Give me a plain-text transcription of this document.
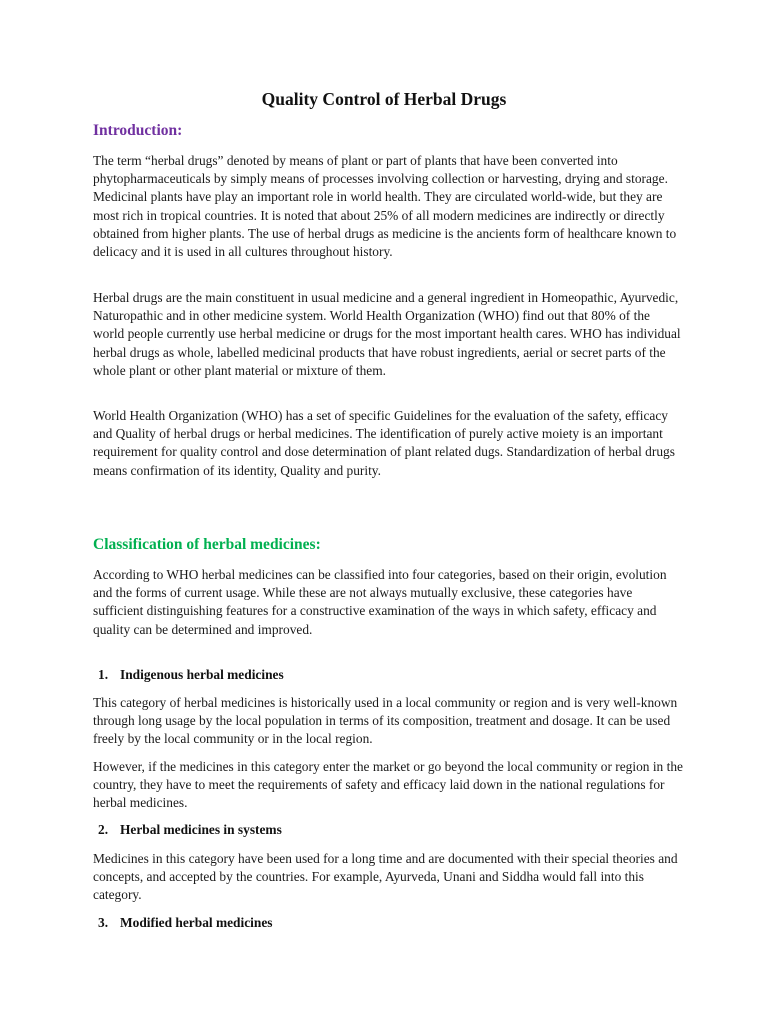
Quality Control of Herbal Drugs
Introduction:

The term “herbal drugs” denoted by means of plant or part of plants that have been converted into phytopharmaceuticals by simply means of processes involving collection or harvesting, drying and storage. Medicinal plants have play an important role in world health. They are circulated world-wide, but they are most rich in tropical countries. It is noted that about 25% of all modern medicines are indirectly or directly obtained from higher plants. The use of herbal drugs as medicine is the ancients form of healthcare known to delicacy and it is used in all cultures throughout history.

Herbal drugs are the main constituent in usual medicine and a general ingredient in Homeopathic, Ayurvedic, Naturopathic and in other medicine system. World Health Organization (WHO) find out that 80% of the world people currently use herbal medicine or drugs for the most important health cares. WHO has individual herbal drugs as whole, labelled medicinal products that have robust ingredients, aerial or secret parts of the whole plant or other plant material or mixture of them.

World Health Organization (WHO) has a set of specific Guidelines for the evaluation of the safety, efficacy and Quality of herbal drugs or herbal medicines. The identification of purely active moiety is an important requirement for quality control and dose determination of plant related dugs. Standardization of herbal drugs means confirmation of its identity, Quality and purity.

Classification of herbal medicines:

According to WHO herbal medicines can be classified into four categories, based on their origin, evolution and the forms of current usage. While these are not always mutually exclusive, these categories have sufficient distinguishing features for a constructive examination of the ways in which safety, efficacy and quality can be determined and improved.

1. Indigenous herbal medicines

This category of herbal medicines is historically used in a local community or region and is very well-known through long usage by the local population in terms of its composition, treatment and dosage. It can be used freely by the local community or in the local region.

However, if the medicines in this category enter the market or go beyond the local community or region in the country, they have to meet the requirements of safety and efficacy laid down in the national regulations for herbal medicines.

2. Herbal medicines in systems

Medicines in this category have been used for a long time and are documented with their special theories and concepts, and accepted by the countries. For example, Ayurveda, Unani and Siddha would fall into this category.

3. Modified herbal medicines
